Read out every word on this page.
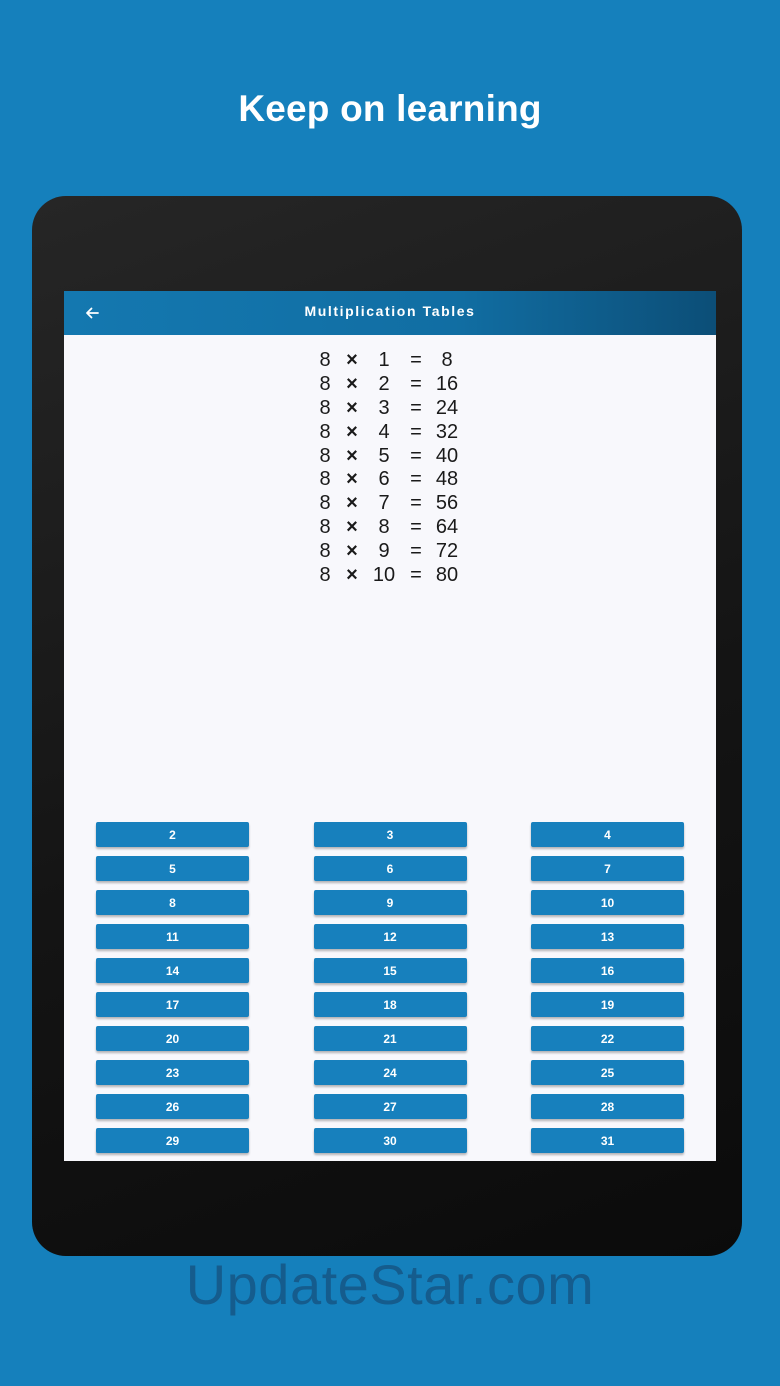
Keep on learning
Multiplication Tables
8 ×	1	= 8
8 ×	2	= 16
8 ×	3	= 24
8 ×	4	= 32
8 ×	5	= 40
8 ×	6	= 48
8 ×	7	= 56
8 ×	8	= 64
8 ×	9	= 72
8 × 10 = 80
2	3	4
5	6	7
8	9	10
11	12	13
14	15	16
17	18	19
20	21	22
23	24	25
26	27	28
29	30	31
UpdateStar.com
